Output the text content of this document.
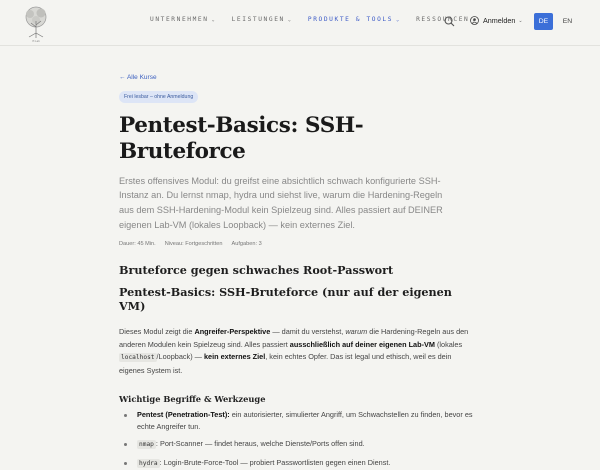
IT-Lab
UNTERNEHMEN ⌄	LEISTUNGEN ⌄	PRODUKTE & TOOLS ⌄	RESSOURCEN Anmelden ⌄	DE	EN
← Alle Kurse
Frei lesbar – ohne Anmeldung
Pentest-Basics: SSH-Bruteforce

Erstes offensives Modul: du greifst eine absichtlich schwach konfigurierte SSH-Instanz an. Du lernst nmap, hydra und siehst live, warum die Hardening-Regeln aus dem SSH-Hardening-Modul kein Spielzeug sind. Alles passiert auf DEINER eigenen Lab-VM (lokales Loopback) — kein externes Ziel.

Dauer: 45 Min. Niveau: Fortgeschritten Aufgaben: 3
Bruteforce gegen schwaches Root-Passwort
Pentest-Basics: SSH-Bruteforce (nur auf der eigenen VM)

Dieses Modul zeigt die Angreifer-Perspektive — damit du verstehst, warum die Hardening-Regeln aus den anderen Modulen kein Spielzeug sind. Alles passiert ausschließlich auf deiner eigenen Lab-VM (lokales localhost /Loopback) — kein externes Ziel, kein echtes Opfer. Das ist legal und ethisch, weil es dein eigenes System ist.

Wichtige Begriffe & Werkzeuge
Pentest (Penetration-Test): ein autorisierter, simulierter Angriff, um Schwachstellen zu finden, bevor es echte Angreifer tun.
nmap : Port-Scanner — findet heraus, welche Dienste/Ports offen sind.
hydra : Login-Brute-Force-Tool — probiert Passwortlisten gegen einen Dienst.
